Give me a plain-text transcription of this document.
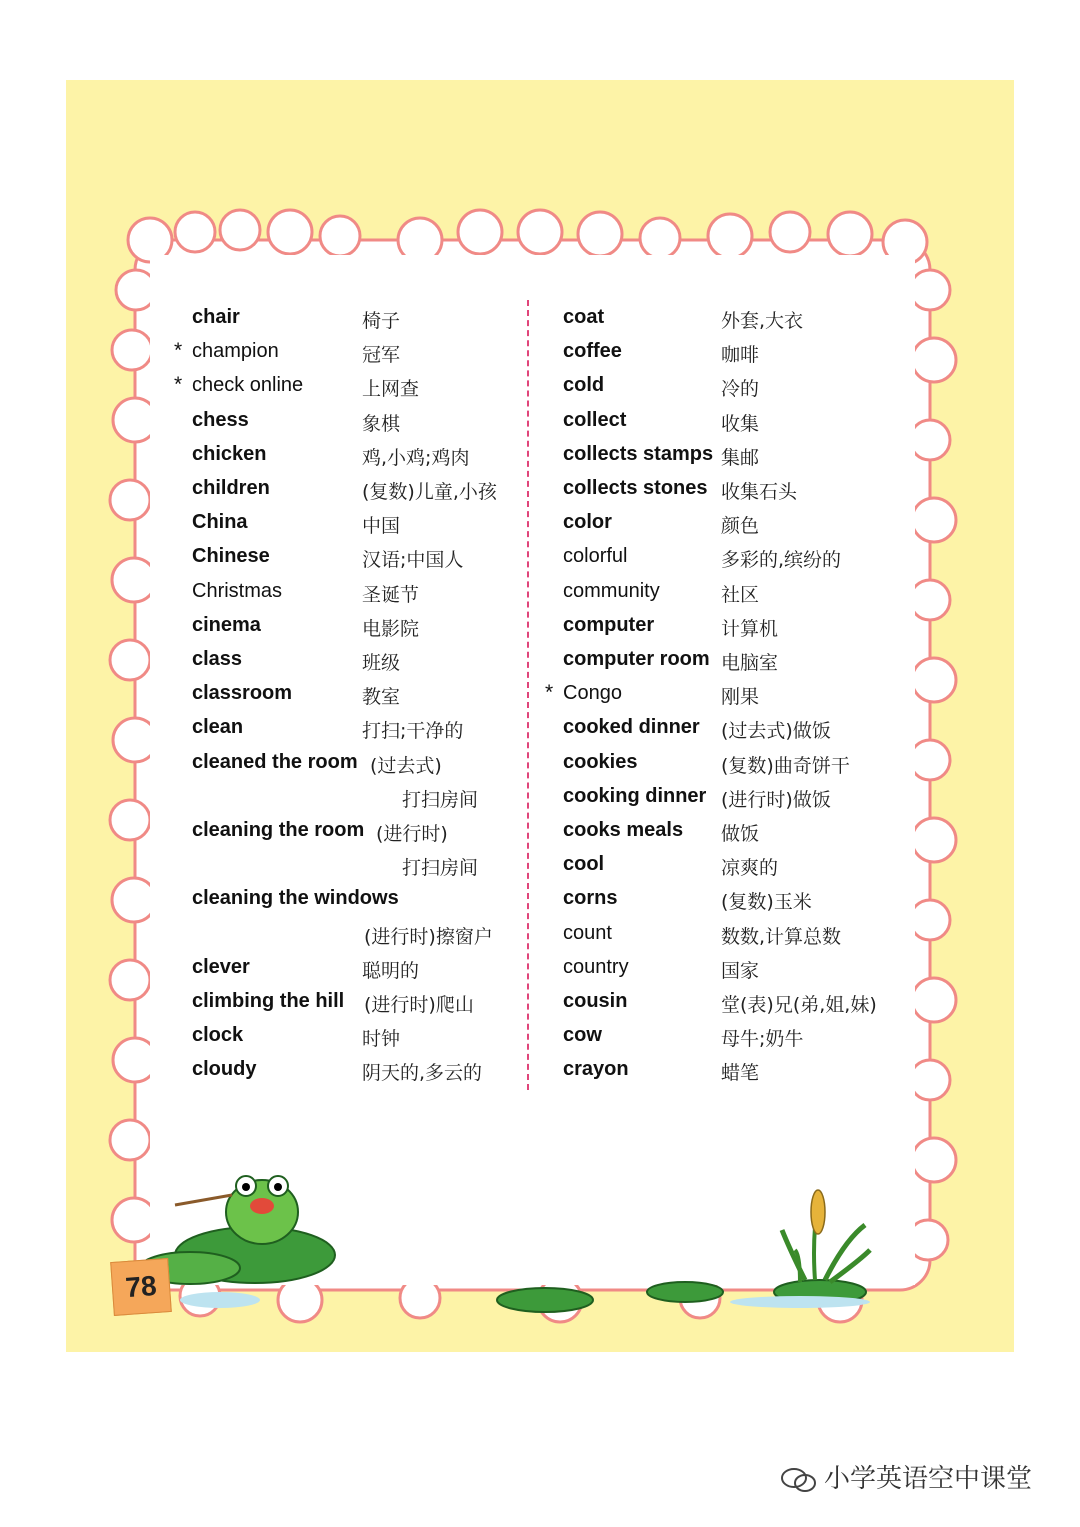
chair	椅子
* champion	冠军
* check online	上网查
chess	象棋
chicken	鸡,小鸡;鸡肉
children	(复数)儿童,小孩
China	中国
Chinese	汉语;中国人
Christmas	圣诞节
cinema	电影院
class	班级
classroom	教室
clean	打扫;干净的
cleaned the room (过去式)
打扫房间
cleaning the room (进行时)
打扫房间
cleaning the windows
(进行时)擦窗户
clever	聪明的
climbing the hill (进行时)爬山
clock	时钟
cloudy	阴天的,多云的
coat	外套,大衣
coffee	咖啡
cold	冷的
collect	收集
collects stamps 集邮
collects stones 收集石头
color	颜色
colorful	多彩的,缤纷的
community	社区
computer	计算机
computer room 电脑室
* Congo	刚果
cooked dinner (过去式)做饭
cookies	(复数)曲奇饼干
cooking dinner (进行时)做饭
cooks meals 做饭
cool	凉爽的
corns	(复数)玉米
count	数数,计算总数
country	国家
cousin	堂(表)兄(弟,姐,妹)
cow	母牛;奶牛
crayon	蜡笔
78
小学英语空中课堂
